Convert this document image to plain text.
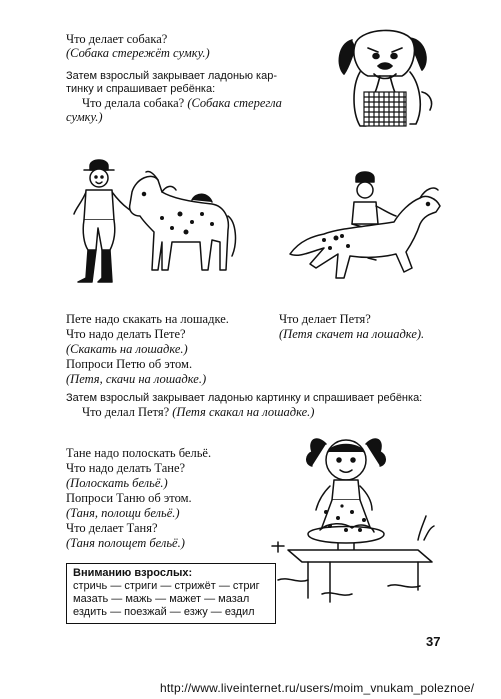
Что делает собака?
(Собака стережёт сумку.)
Затем взрослый закрывает ладонью кар-
тинку и спрашивает ребёнка:
Что делала собака? (Собака стерегла
сумку.)
Пете надо скакать на лошадке.
Что надо делать Пете?
(Скакать на лошадке.)
Попроси Петю об этом.
(Петя, скачи на лошадке.)
Что делает Петя?
(Петя скачет на лошадке).
Затем взрослый закрывает ладонью картинку и спрашивает ребёнка:
Что делал Петя? (Петя скакал на лошадке.)
Тане надо полоскать бельё.
Что надо делать Тане?
(Полоскать бельё.)
Попроси Таню об этом.
(Таня, полощи бельё.)
Что делает Таня?
(Таня полощет бельё.)
Вниманию взрослых:
стричь — стриги — стрижёт — стриг
мазать — мажь — мажет — мазал
ездить — поезжай — езжу — ездил
37
http://www.liveinternet.ru/users/moim_vnukam_poleznoe/
